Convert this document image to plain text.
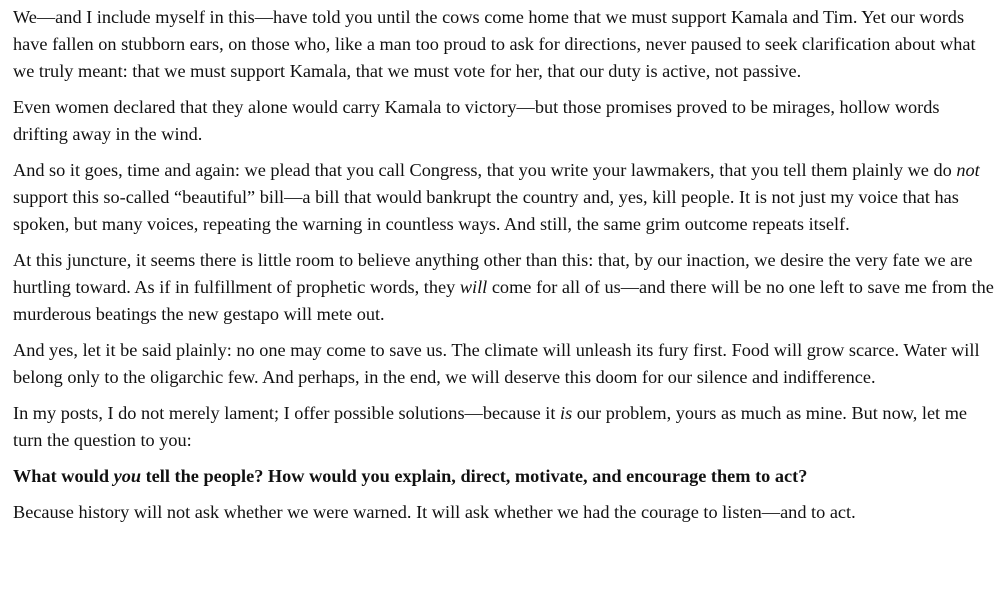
We—and I include myself in this—have told you until the cows come home that we must support Kamala and Tim. Yet our words have fallen on stubborn ears, on those who, like a man too proud to ask for directions, never paused to seek clarification about what we truly meant: that we must support Kamala, that we must vote for her, that our duty is active, not passive.

Even women declared that they alone would carry Kamala to victory—but those promises proved to be mirages, hollow words drifting away in the wind.

And so it goes, time and again: we plead that you call Congress, that you write your lawmakers, that you tell them plainly we do not support this so-called “beautiful” bill—a bill that would bankrupt the country and, yes, kill people. It is not just my voice that has spoken, but many voices, repeating the warning in countless ways. And still, the same grim outcome repeats itself.

At this juncture, it seems there is little room to believe anything other than this: that, by our inaction, we desire the very fate we are hurtling toward. As if in fulfillment of prophetic words, they will come for all of us—and there will be no one left to save me from the murderous beatings the new gestapo will mete out.

And yes, let it be said plainly: no one may come to save us. The climate will unleash its fury first. Food will grow scarce. Water will belong only to the oligarchic few. And perhaps, in the end, we will deserve this doom for our silence and indifference.

In my posts, I do not merely lament; I offer possible solutions—because it is our problem, yours as much as mine. But now, let me turn the question to you:

What would you tell the people? How would you explain, direct, motivate, and encourage them to act?

Because history will not ask whether we were warned. It will ask whether we had the courage to listen—and to act.
